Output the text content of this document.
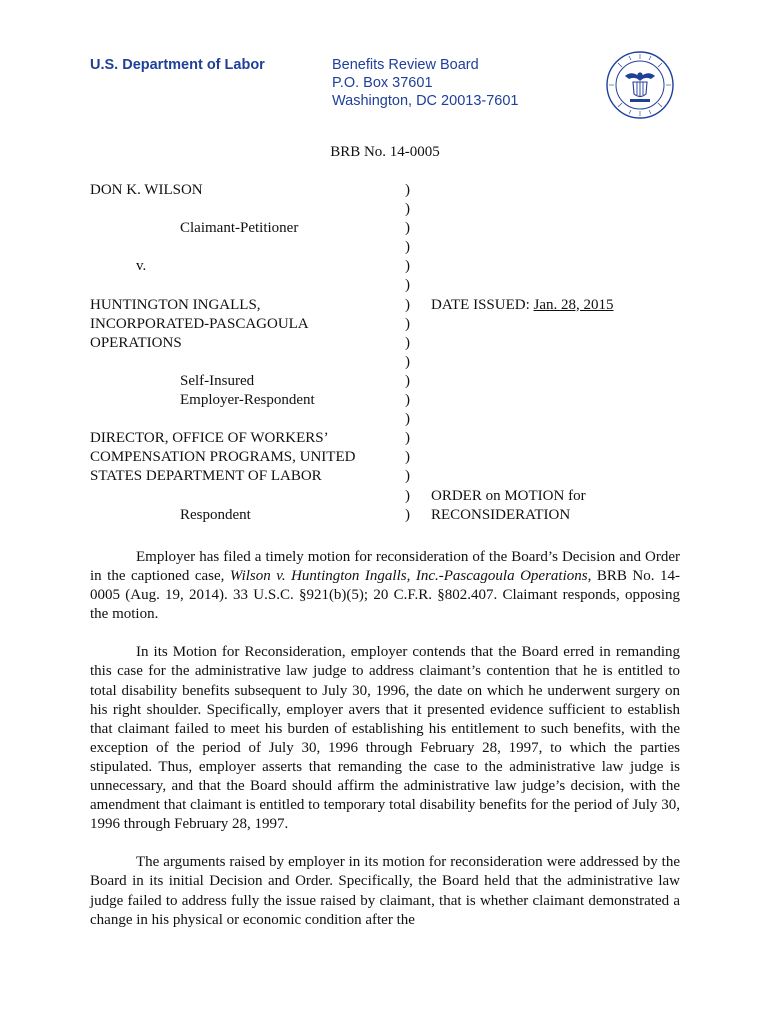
U.S. Department of Labor	Benefits Review Board
P.O. Box 37601
Washington, DC 20013-7601
BRB No. 14-0005
DON K. WILSON

Claimant-Petitioner

v.

HUNTINGTON INGALLS,
INCORPORATED-PASCAGOULA
OPERATIONS

Self-Insured
Employer-Respondent

DIRECTOR, OFFICE OF WORKERS’
COMPENSATION PROGRAMS, UNITED
STATES DEPARTMENT OF LABOR

Respondent
)
)
)
)
)
)
)
)
)
)
)
)
)
)
)
)
)
)

DATE ISSUED: Jan. 28, 2015

ORDER on MOTION for
RECONSIDERATION

Employer has filed a timely motion for reconsideration of the Board’s Decision and Order in the captioned case, Wilson v. Huntington Ingalls, Inc.-Pascagoula Operations, BRB No. 14-0005 (Aug. 19, 2014). 33 U.S.C. §921(b)(5); 20 C.F.R. §802.407. Claimant responds, opposing the motion.

In its Motion for Reconsideration, employer contends that the Board erred in remanding this case for the administrative law judge to address claimant’s contention that he is entitled to total disability benefits subsequent to July 30, 1996, the date on which he underwent surgery on his right shoulder. Specifically, employer avers that it presented evidence sufficient to establish that claimant failed to meet his burden of establishing his entitlement to such benefits, with the exception of the period of July 30, 1996 through February 28, 1997, to which the parties stipulated. Thus, employer asserts that remanding the case to the administrative law judge is unnecessary, and that the Board should affirm the administrative law judge’s decision, with the amendment that claimant is entitled to temporary total disability benefits for the period of July 30, 1996 through February 28, 1997.

The arguments raised by employer in its motion for reconsideration were addressed by the Board in its initial Decision and Order. Specifically, the Board held that the administrative law judge failed to address fully the issue raised by claimant, that is whether claimant demonstrated a change in his physical or economic condition after the
